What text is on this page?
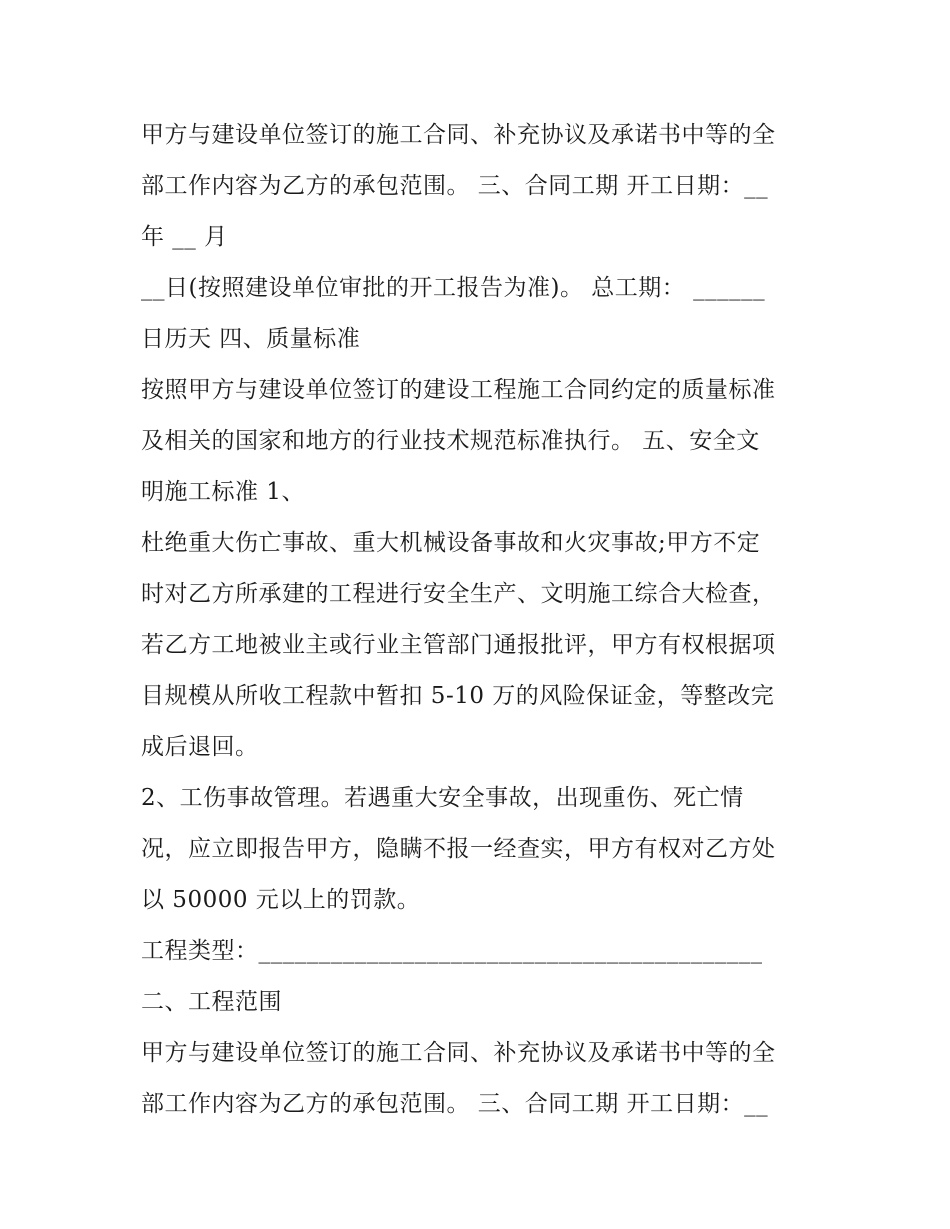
甲方与建设单位签订的施工合同、补充协议及承诺书中等的全
部工作内容为乙方的承包范围。 三、合同工期 开工日期：__
年 __ 月
__日(按照建设单位审批的开工报告为准)。 总工期： ______
日历天 四、质量标准
按照甲方与建设单位签订的建设工程施工合同约定的质量标准
及相关的国家和地方的行业技术规范标准执行。 五、安全文
明施工标准 1、
杜绝重大伤亡事故、重大机械设备事故和火灾事故;甲方不定
时对乙方所承建的工程进行安全生产、文明施工综合大检查，
若乙方工地被业主或行业主管部门通报批评，甲方有权根据项
目规模从所收工程款中暂扣 5-10 万的风险保证金，等整改完
成后退回。
2、工伤事故管理。若遇重大安全事故，出现重伤、死亡情
况，应立即报告甲方，隐瞒不报一经查实，甲方有权对乙方处
以 50000 元以上的罚款。
工程类型：__________________________________________
二、工程范围
甲方与建设单位签订的施工合同、补充协议及承诺书中等的全
部工作内容为乙方的承包范围。 三、合同工期 开工日期：__
